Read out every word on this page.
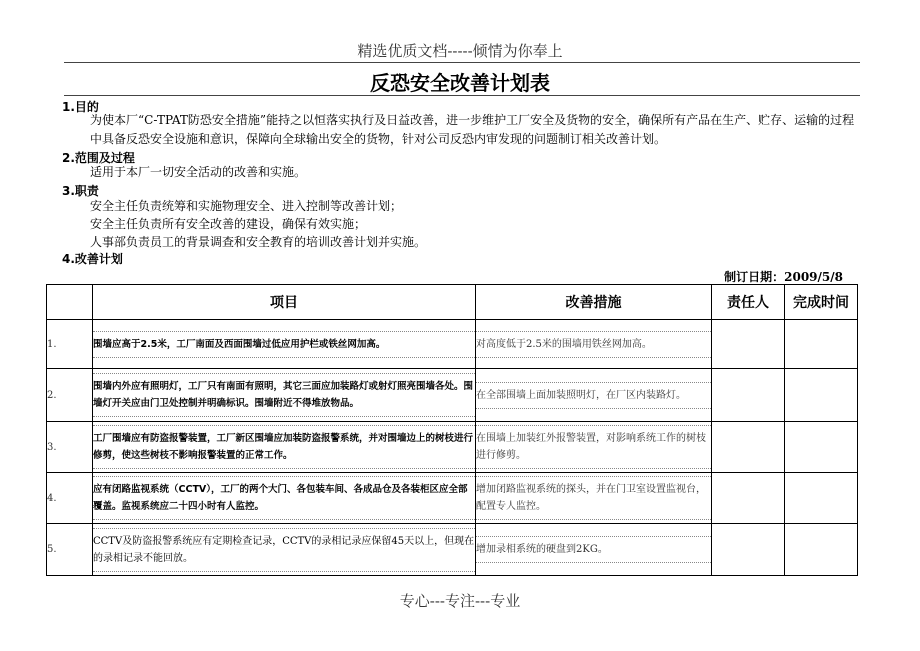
精选优质文档-----倾情为你奉上
反恐安全改善计划表
1.目的
为使本厂“C-TPAT防恐安全措施”能持之以恒落实执行及日益改善，进一步维护工厂安全及货物的安全，确保所有产品在生产、贮存、运输的过程中具备反恐安全设施和意识，保障向全球输出安全的货物，针对公司反恐内审发现的问题制订相关改善计划。
2.范围及过程
适用于本厂一切安全活动的改善和实施。
3.职责
安全主任负责统筹和实施物理安全、进入控制等改善计划；
安全主任负责所有安全改善的建设，确保有效实施；
人事部负责员工的背景调查和安全教育的培训改善计划并实施。
4.改善计划
制订日期：2009/5/8
	项目	改善措施	责任人	完成时间
1.	围墙应高于2.5米，工厂南面及西面围墙过低应用护栏或铁丝网加高。	对高度低于2.5米的围墙用铁丝网加高。		

2.	围墙内外应有照明灯，工厂只有南面有照明，其它三面应加装路灯或射灯照亮围墙各处。围墙灯开关应由门卫处控制并明确标识。围墙附近不得堆放物品。	在全部围墙上面加装照明灯，在厂区内装路灯。		

3.	工厂围墙应有防盗报警装置，工厂新区围墙应加装防盗报警系统，并对围墙边上的树枝进行修剪，使这些树枝不影响报警装置的正常工作。	在围墙上加装红外报警装置，对影响系统工作的树枝进行修剪。		

4.	应有闭路监视系统（CCTV），工厂的两个大门、各包装车间、各成品仓及各装柜区应全部覆盖。监视系统应二十四小时有人监控。	增加闭路监视系统的探头，并在门卫室设置监视台，配置专人监控。		

5.	CCTV及防盗报警系统应有定期检查记录，CCTV的录相记录应保留45天以上，但现在的录相记录不能回放。	增加录相系统的硬盘到2KG。		

专心---专注---专业
